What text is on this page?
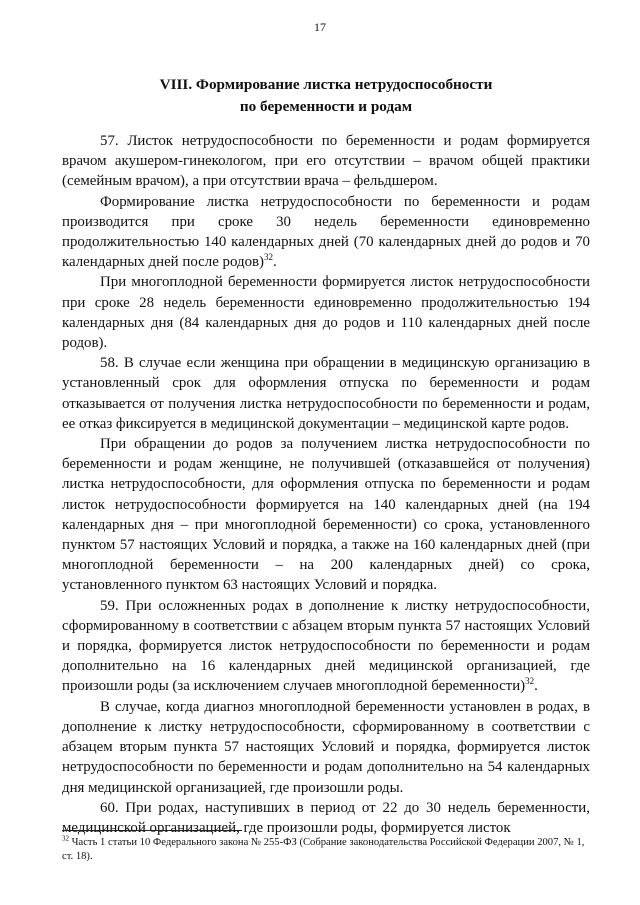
17
VIII. Формирование листка нетрудоспособности
по беременности и родам

57. Листок нетрудоспособности по беременности и родам формируется врачом акушером-гинекологом, при его отсутствии – врачом общей практики (семейным врачом), а при отсутствии врача – фельдшером.

Формирование листка нетрудоспособности по беременности и родам производится при сроке 30 недель беременности единовременно продолжительностью 140 календарных дней (70 календарных дней до родов и 70 календарных дней после родов)$^{32}$.

При многоплодной беременности формируется листок нетрудоспособности при сроке 28 недель беременности единовременно продолжительностью 194 календарных дня (84 календарных дня до родов и 110 календарных дней после родов).

58. В случае если женщина при обращении в медицинскую организацию в установленный срок для оформления отпуска по беременности и родам отказывается от получения листка нетрудоспособности по беременности и родам, ее отказ фиксируется в медицинской документации – медицинской карте родов.

При обращении до родов за получением листка нетрудоспособности по беременности и родам женщине, не получившей (отказавшейся от получения) листка нетрудоспособности, для оформления отпуска по беременности и родам листок нетрудоспособности формируется на 140 календарных дней (на 194 календарных дня – при многоплодной беременности) со срока, установленного пунктом 57 настоящих Условий и порядка, а также на 160 календарных дней (при многоплодной беременности – на 200 календарных дней) со срока, установленного пунктом 63 настоящих Условий и порядка.

59. При осложненных родах в дополнение к листку нетрудоспособности, сформированному в соответствии с абзацем вторым пункта 57 настоящих Условий и порядка, формируется листок нетрудоспособности по беременности и родам дополнительно на 16 календарных дней медицинской организацией, где произошли роды (за исключением случаев многоплодной беременности)$^{32}$.

В случае, когда диагноз многоплодной беременности установлен в родах, в дополнение к листку нетрудоспособности, сформированному в соответствии с абзацем вторым пункта 57 настоящих Условий и порядка, формируется листок нетрудоспособности по беременности и родам дополнительно на 54 календарных дня медицинской организацией, где произошли роды.

60. При родах, наступивших в период от 22 до 30 недель беременности, медицинской организацией, где произошли роды, формируется листок

$^{32}$ Часть 1 статьи 10 Федерального закона № 255-ФЗ (Собрание законодательства Российской Федерации 2007, № 1, ст. 18).
